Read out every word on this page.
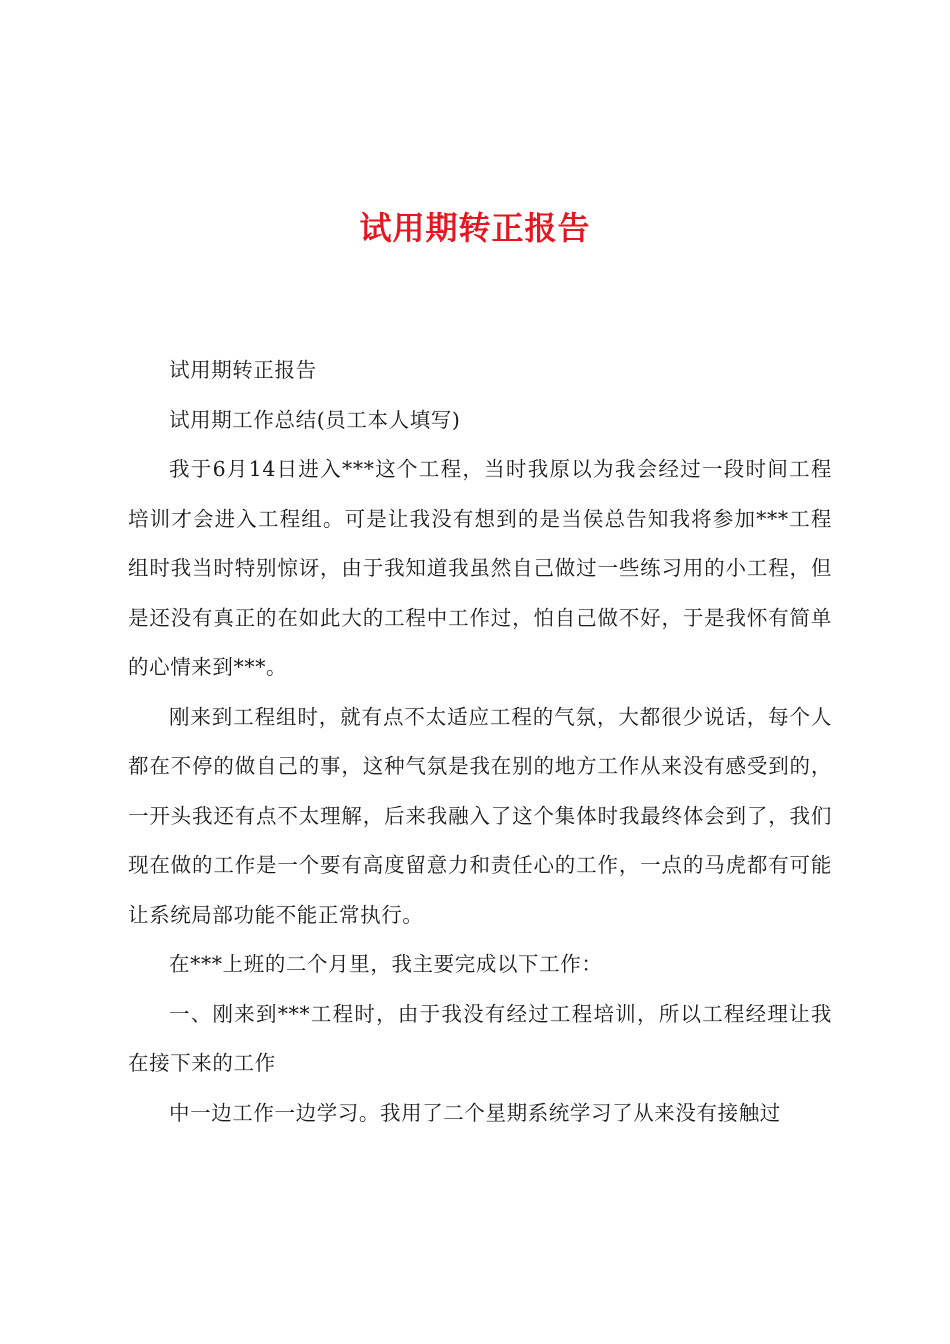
试用期转正报告

试用期转正报告

试用期工作总结(员工本人填写)

我于6月14日进入***这个工程，当时我原以为我会经过一段时间工程培训才会进入工程组。可是让我没有想到的是当侯总告知我将参加***工程组时我当时特别惊讶，由于我知道我虽然自己做过一些练习用的小工程，但是还没有真正的在如此大的工程中工作过，怕自己做不好，于是我怀有简单的心情来到***。

刚来到工程组时，就有点不太适应工程的气氛，大都很少说话，每个人都在不停的做自己的事，这种气氛是我在别的地方工作从来没有感受到的，一开头我还有点不太理解，后来我融入了这个集体时我最终体会到了，我们现在做的工作是一个要有高度留意力和责任心的工作，一点的马虎都有可能让系统局部功能不能正常执行。

在***上班的二个月里，我主要完成以下工作：

一、刚来到***工程时，由于我没有经过工程培训，所以工程经理让我在接下来的工作

中一边工作一边学习。我用了二个星期系统学习了从来没有接触过
